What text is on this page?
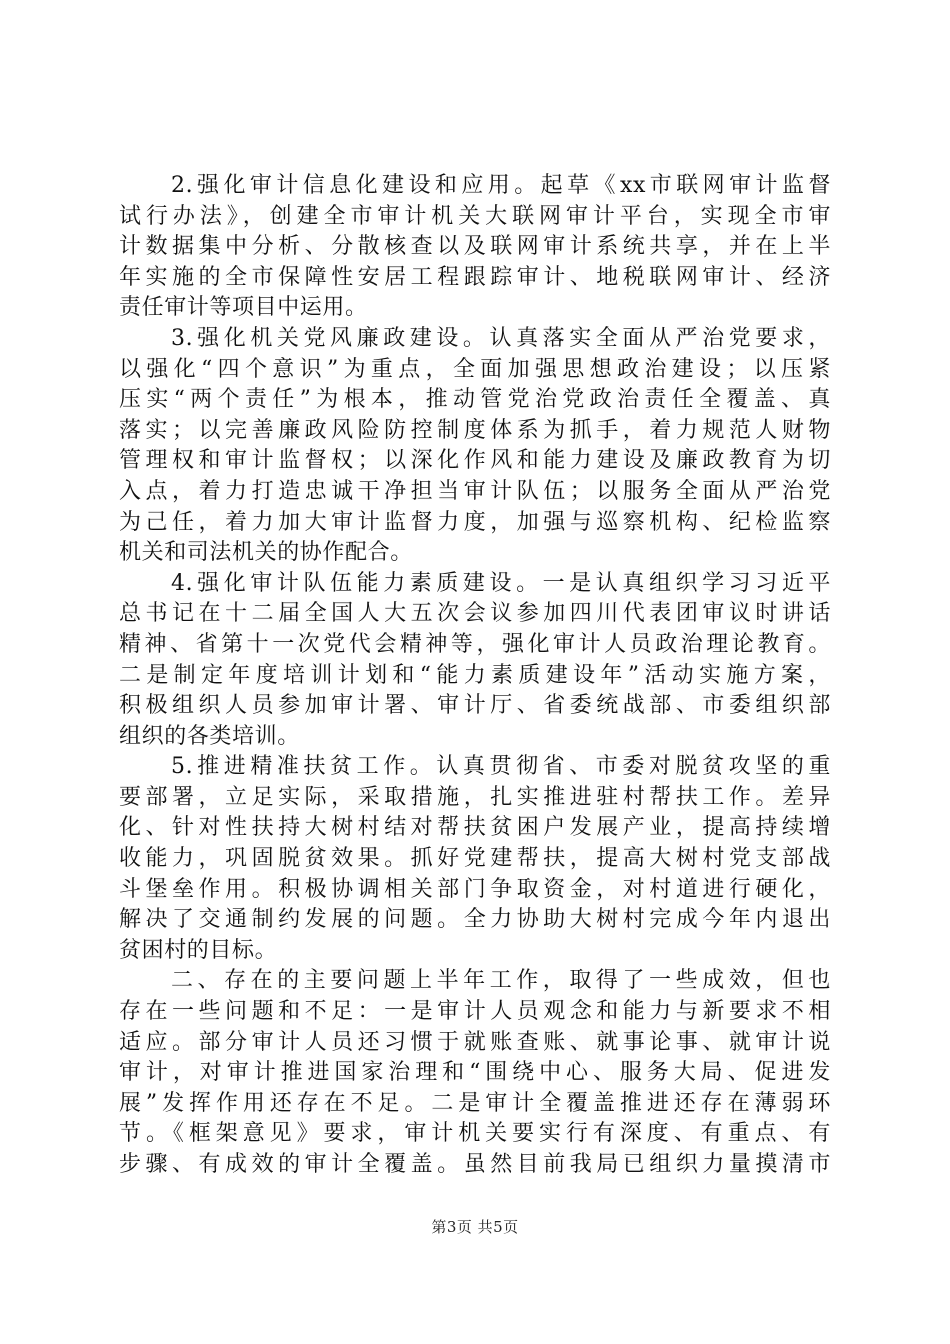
2.强化审计信息化建设和应用。起草《xx市联网审计监督
试行办法》，创建全市审计机关大联网审计平台，实现全市审
计数据集中分析、分散核查以及联网审计系统共享，并在上半
年实施的全市保障性安居工程跟踪审计、地税联网审计、经济
责任审计等项目中运用。
3.强化机关党风廉政建设。认真落实全面从严治党要求，
以强化“四个意识”为重点，全面加强思想政治建设；以压紧
压实“两个责任”为根本，推动管党治党政治责任全覆盖、真
落实；以完善廉政风险防控制度体系为抓手，着力规范人财物
管理权和审计监督权；以深化作风和能力建设及廉政教育为切
入点，着力打造忠诚干净担当审计队伍；以服务全面从严治党
为己任，着力加大审计监督力度，加强与巡察机构、纪检监察
机关和司法机关的协作配合。
4.强化审计队伍能力素质建设。一是认真组织学习习近平
总书记在十二届全国人大五次会议参加四川代表团审议时讲话
精神、省第十一次党代会精神等，强化审计人员政治理论教育。
二是制定年度培训计划和“能力素质建设年”活动实施方案，
积极组织人员参加审计署、审计厅、省委统战部、市委组织部
组织的各类培训。
5.推进精准扶贫工作。认真贯彻省、市委对脱贫攻坚的重
要部署，立足实际，采取措施，扎实推进驻村帮扶工作。差异
化、针对性扶持大树村结对帮扶贫困户发展产业，提高持续增
收能力，巩固脱贫效果。抓好党建帮扶，提高大树村党支部战
斗堡垒作用。积极协调相关部门争取资金，对村道进行硬化，
解决了交通制约发展的问题。全力协助大树村完成今年内退出
贫困村的目标。
二、存在的主要问题上半年工作，取得了一些成效，但也
存在一些问题和不足：一是审计人员观念和能力与新要求不相
适应。部分审计人员还习惯于就账查账、就事论事、就审计说
审计，对审计推进国家治理和“围绕中心、服务大局、促进发
展”发挥作用还存在不足。二是审计全覆盖推进还存在薄弱环
节。《框架意见》要求，审计机关要实行有深度、有重点、有
步骤、有成效的审计全覆盖。虽然目前我局已组织力量摸清市
第3页 共5页
